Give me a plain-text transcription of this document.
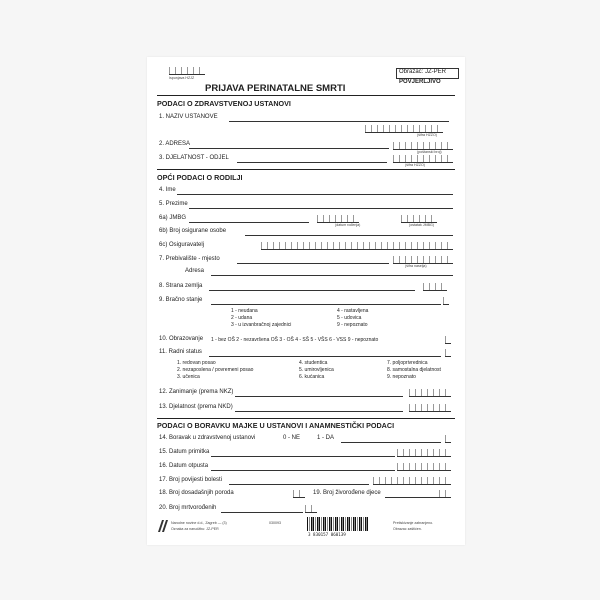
Ispunjava HZJZ
Obrazac: JZ-PER
POVJERLJIVO
PRIJAVA PERINATALNE SMRTI
PODACI O ZDRAVSTVENOJ USTANOVI
1. NAZIV USTANOVE
(šifra HZZO)
2. ADRESA
(poštanski broj)
3. DJELATNOST - ODJEL
(šifra HZZO)
OPĆI PODACI O RODILJI
4. Ime
5. Prezime
6a) JMBG
(datum rođenja)	(ostatak JMBG)
6b) Broj osigurane osobe
6c) Osiguravatelj
7. Prebivalište - mjesto
(šifra naselja)
Adresa
8. Strana zemlja
9. Bračno stanje
1 - neudana
2 - udana
3 - u izvanbračnoj zajednici
4 - rastavljena
5 - udovica
9 - nepoznato
10. Obrazovanje 1 - bez OŠ 2 - nezavršena OŠ 3 - OŠ 4 - SŠ 5 - VŠS 6 - VSS 9 - nepoznato
11. Radni status
1. redovan posao
2. nezaposlena / povremeni posao
3. učenica
4. studentica
5. umirovljenica
6. kućanica
7. poljoprivrednica
8. samostalna djelatnost
9. nepoznato
12. Zanimanje (prema NKZ)
13. Djelatnost (prema NKD)
PODACI O BORAVKU MAJKE U USTANOVI I ANAMNESTIČKI PODACI
14. Boravak u zdravstvenoj ustanovi	0 - NE	1 - DA
15. Datum primitka
16. Datum otpusta
17. Broj povijesti bolesti
18. Broj dosadašnjih poroda	19. Broj živorođene djece
20. Broj mrtvorođenih
Narodne novine d.d., Zagreb — (3)
Oznaka za narudžbu: JZ-PER
030093
3 830157 060139
Pretiskivanje zabranjeno.
Obrazac zaštićen.
